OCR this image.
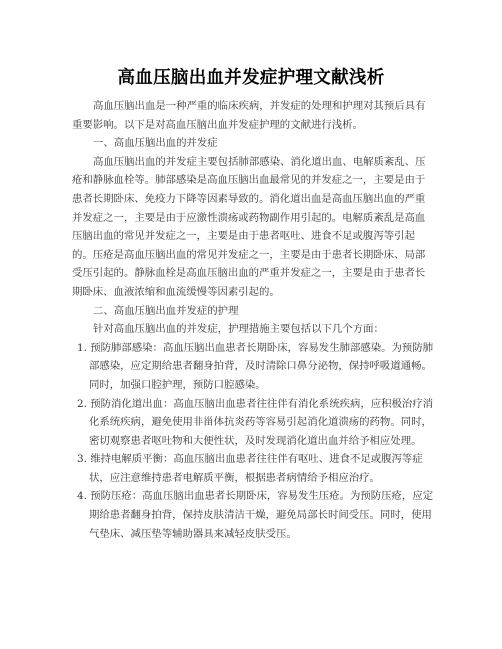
高血压脑出血并发症护理文献浅析

高血压脑出血是一种严重的临床疾病，并发症的处理和护理对其预后具有重要影响。以下是对高血压脑出血并发症护理的文献进行浅析。

一、高血压脑出血的并发症

高血压脑出血的并发症主要包括肺部感染、消化道出血、电解质紊乱、压疮和静脉血栓等。肺部感染是高血压脑出血最常见的并发症之一，主要是由于患者长期卧床、免疫力下降等因素导致的。消化道出血是高血压脑出血的严重并发症之一，主要是由于应激性溃疡或药物副作用引起的。电解质紊乱是高血压脑出血的常见并发症之一，主要是由于患者呕吐、进食不足或腹泻等引起的。压疮是高血压脑出血的常见并发症之一，主要是由于患者长期卧床、局部受压引起的。静脉血栓是高血压脑出血的严重并发症之一，主要是由于患者长期卧床、血液浓缩和血流缓慢等因素引起的。

二、高血压脑出血并发症的护理

针对高血压脑出血的并发症，护理措施主要包括以下几个方面：

1. 预防肺部感染：高血压脑出血患者长期卧床，容易发生肺部感染。为预防肺部感染，应定期给患者翻身拍背，及时清除口鼻分泌物，保持呼吸道通畅。同时，加强口腔护理，预防口腔感染。

2. 预防消化道出血：高血压脑出血患者往往伴有消化系统疾病，应积极治疗消化系统疾病，避免使用非甾体抗炎药等容易引起消化道溃疡的药物。同时，密切观察患者呕吐物和大便性状，及时发现消化道出血并给予相应处理。

3. 维持电解质平衡：高血压脑出血患者往往伴有呕吐、进食不足或腹泻等症状，应注意维持患者电解质平衡，根据患者病情给予相应治疗。

4. 预防压疮：高血压脑出血患者长期卧床，容易发生压疮。为预防压疮，应定期给患者翻身拍背，保持皮肤清洁干燥，避免局部长时间受压。同时，使用气垫床、减压垫等辅助器具来减轻皮肤受压。
